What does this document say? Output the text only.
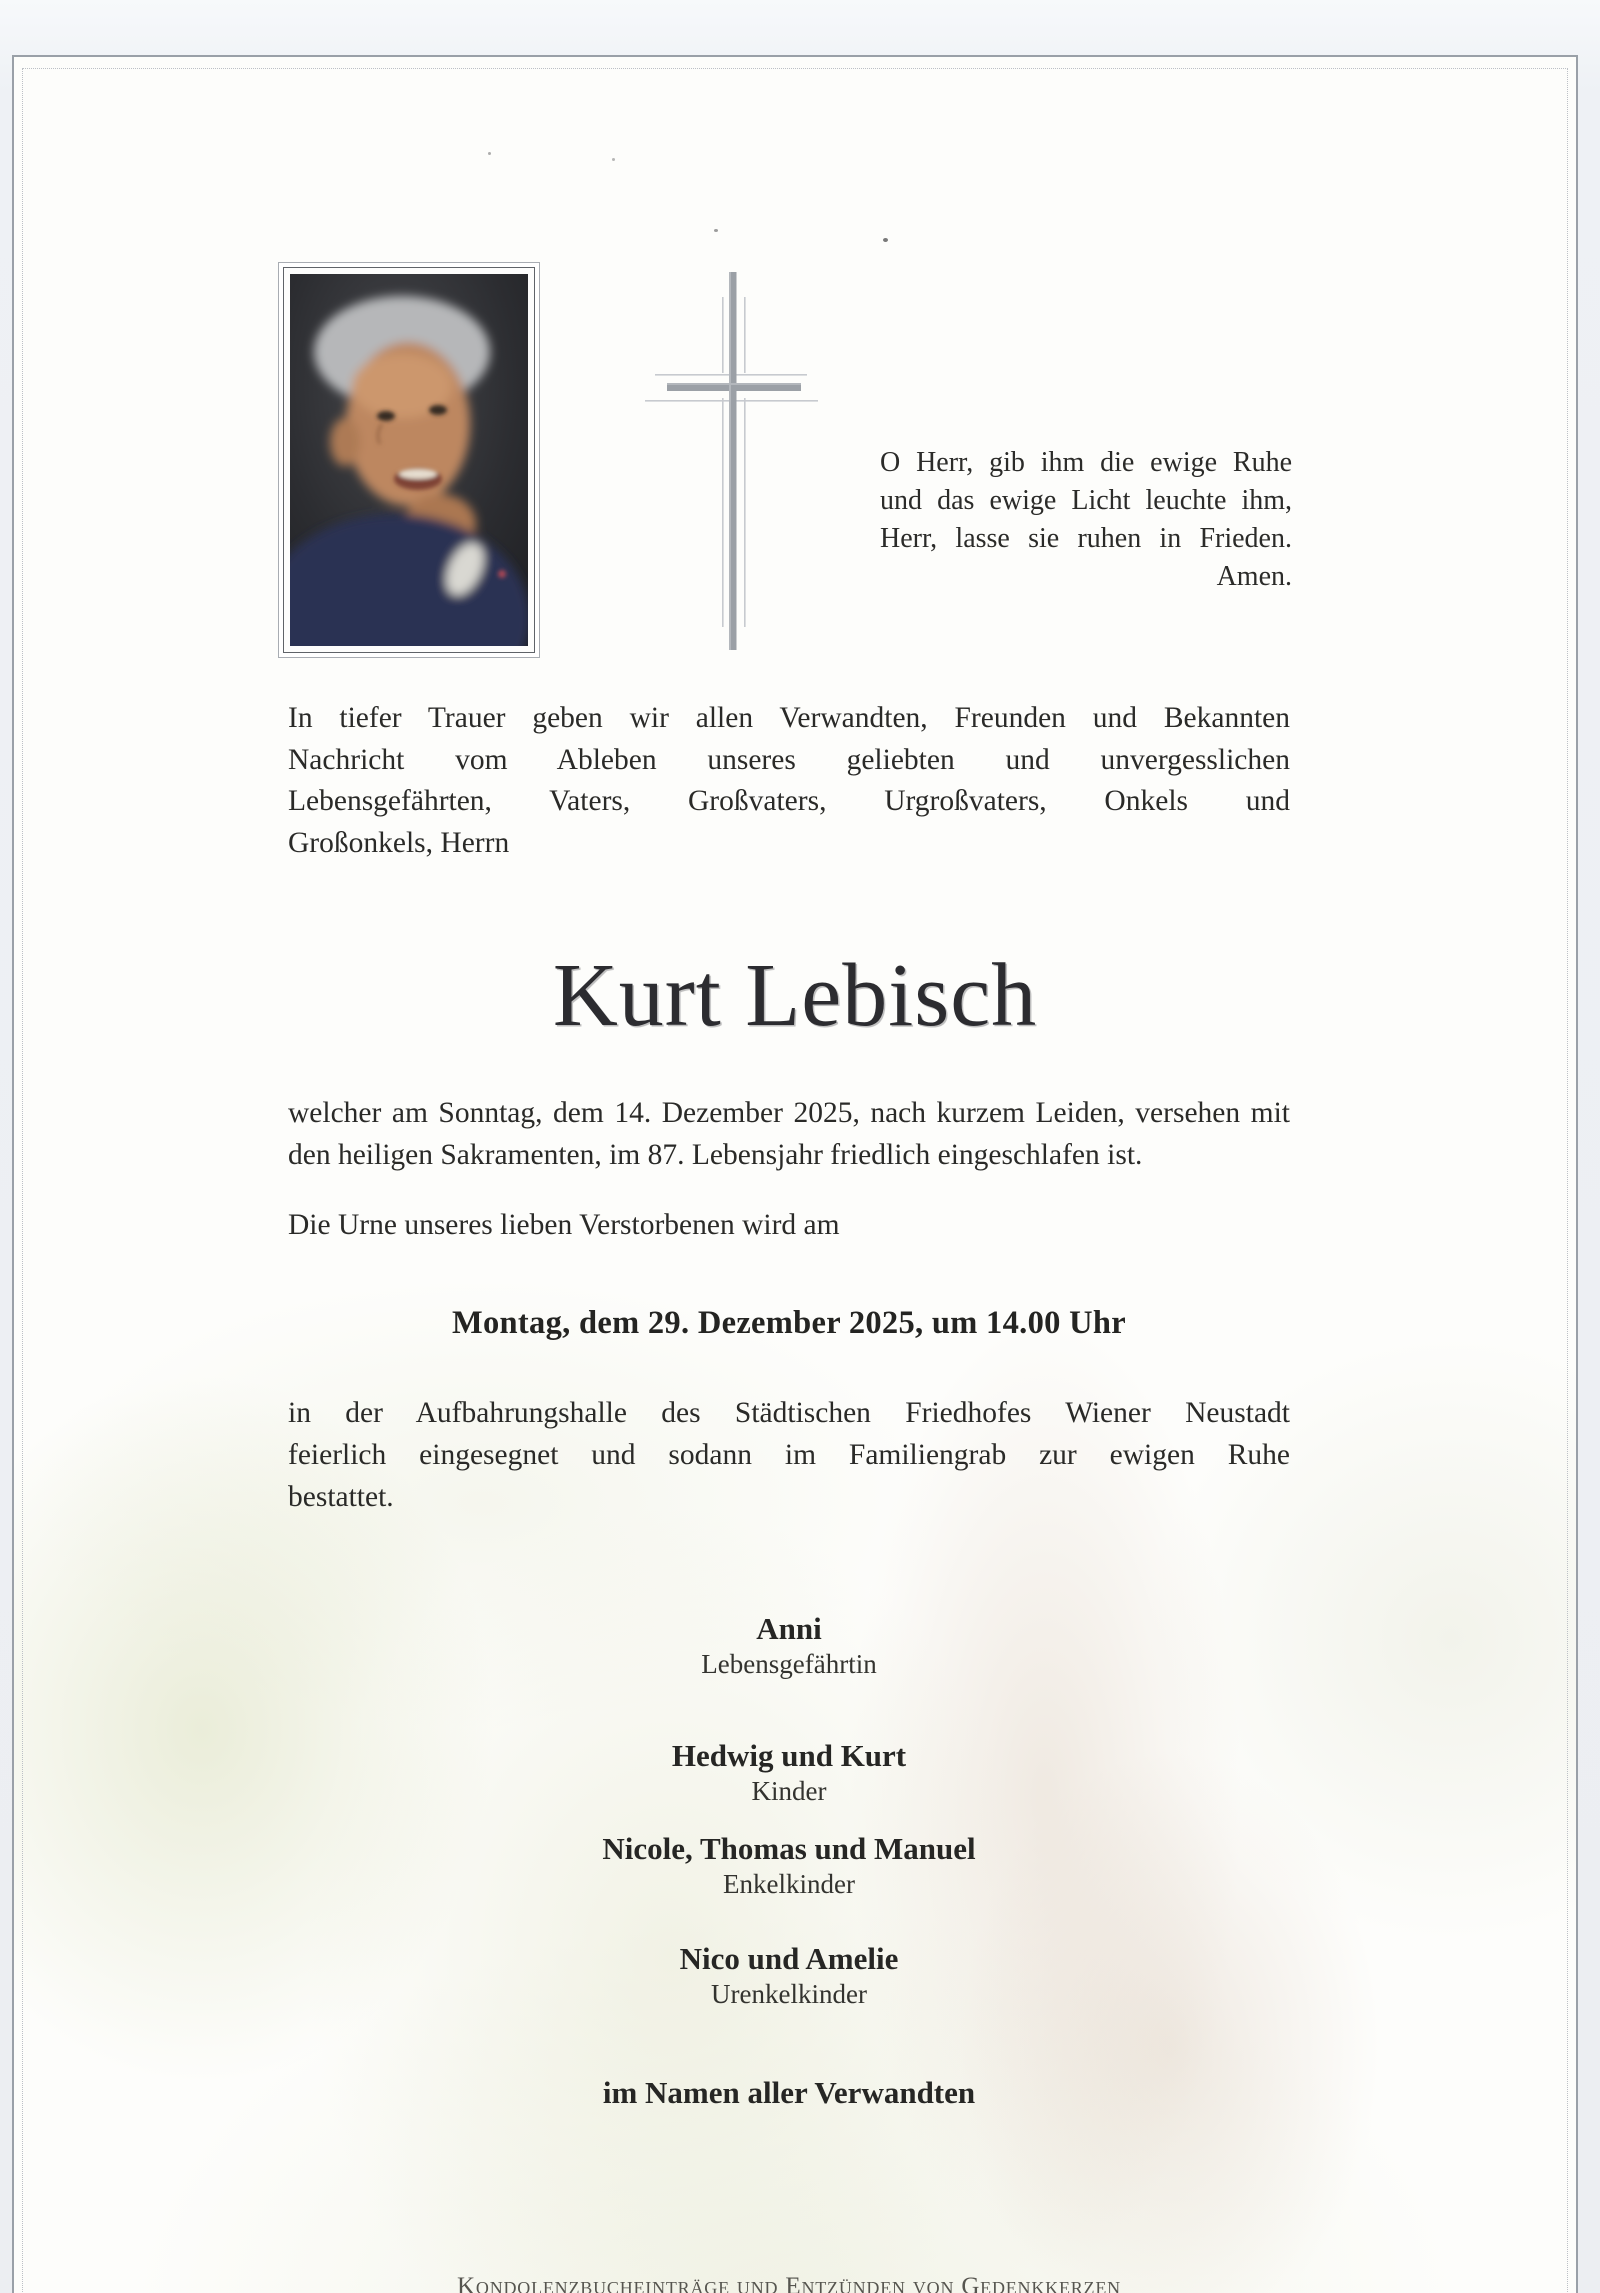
O Herr, gib ihm die ewige Ruhe
und das ewige Licht leuchte ihm,
Herr, lasse sie ruhen in Frieden.
Amen.
In tiefer Trauer geben wir allen Verwandten, Freunden und Bekannten
Nachricht vom Ableben unseres geliebten und unvergesslichen
Lebensgefährten, Vaters, Großvaters, Urgroßvaters, Onkels und
Großonkels, Herrn
Kurt Lebisch
welcher am Sonntag, dem 14. Dezember 2025, nach kurzem Leiden, versehen mit
den heiligen Sakramenten, im 87. Lebensjahr friedlich eingeschlafen ist.
Die Urne unseres lieben Verstorbenen wird am
Montag, dem 29. Dezember 2025, um 14.00 Uhr
in der Aufbahrungshalle des Städtischen Friedhofes Wiener Neustadt
feierlich eingesegnet und sodann im Familiengrab zur ewigen Ruhe
bestattet.
Anni
Lebensgefährtin
Hedwig und Kurt
Kinder
Nicole, Thomas und Manuel
Enkelkinder
Nico und Amelie
Urenkelkinder
im Namen aller Verwandten
Kondolenzbucheinträge und Entzünden von Gedenkkerzen
